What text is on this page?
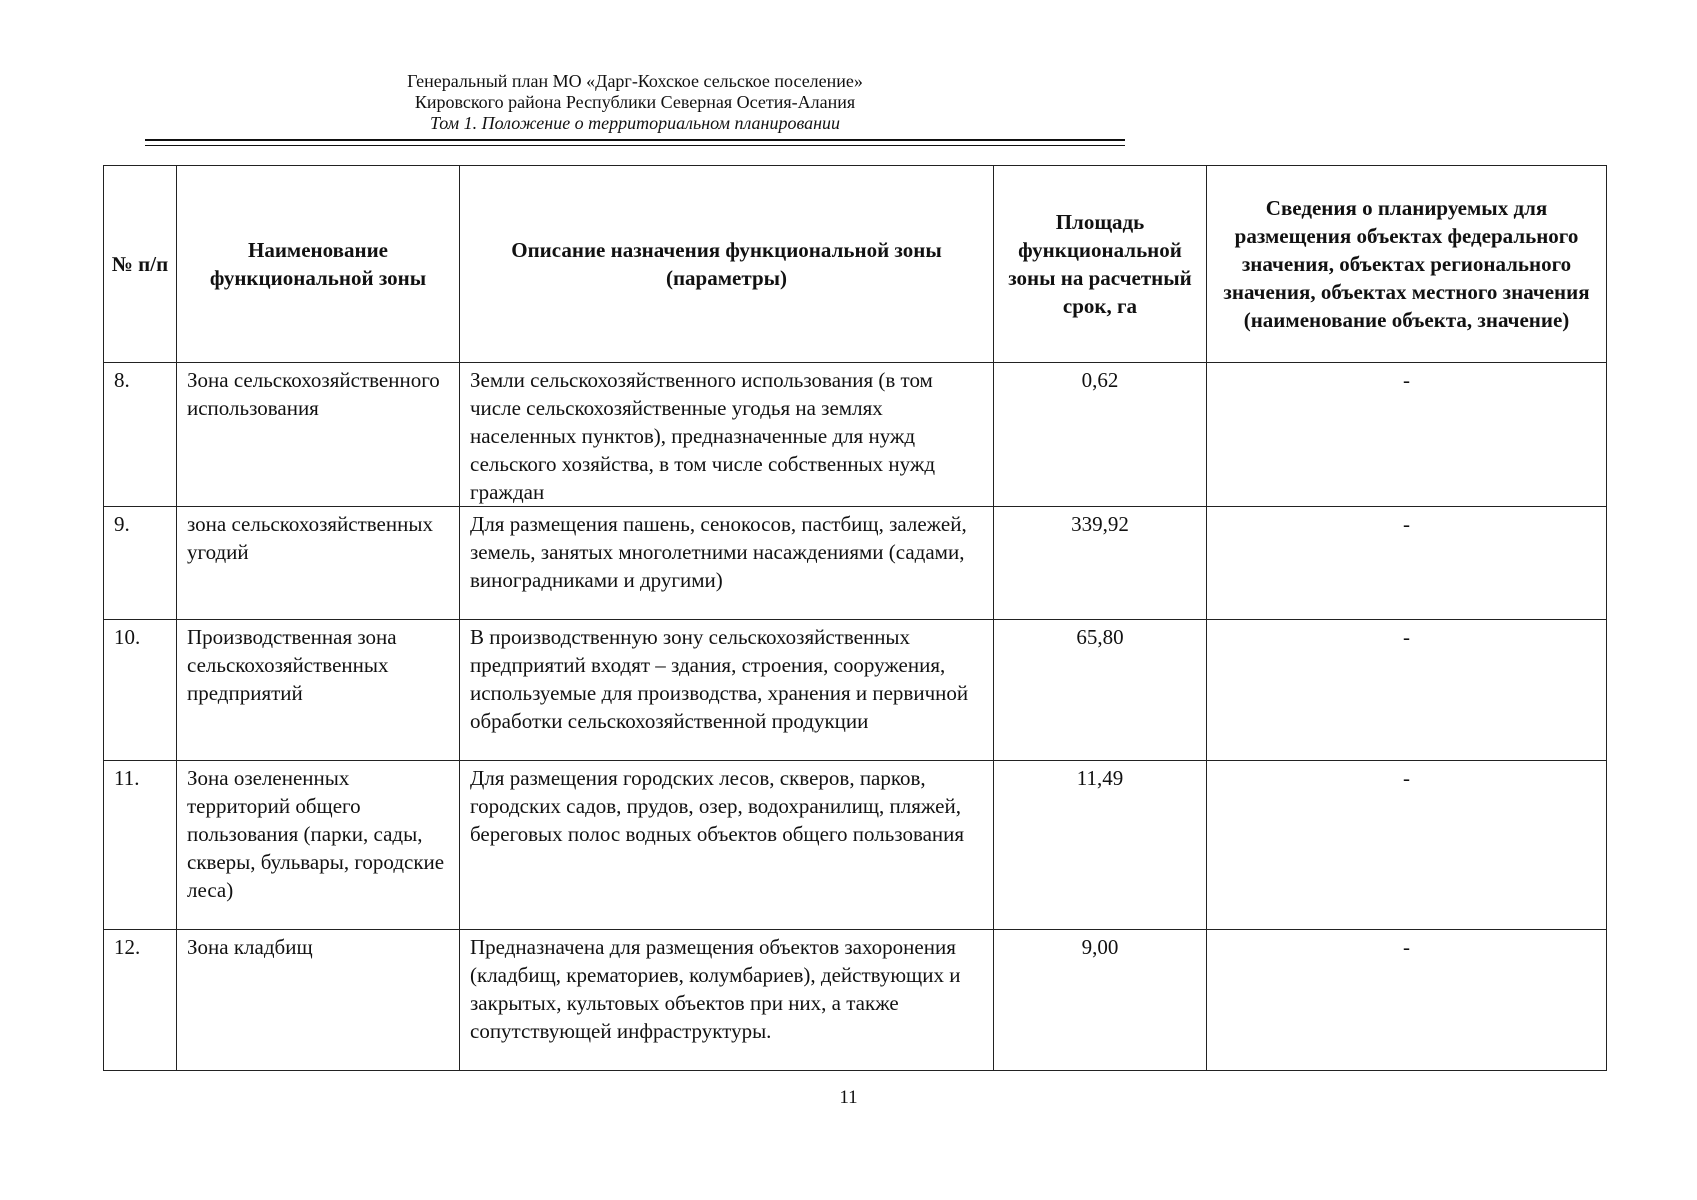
Генеральный план МО «Дарг-Кохское сельское поселение»
Кировского района Республики Северная Осетия-Алания
Том 1. Положение о территориальном планировании
№ п/п	Наименование функциональной зоны	Описание назначения функциональной зоны (параметры)	Площадь функциональной зоны на расчетный срок, га	Сведения о планируемых для размещения объектах федерального значения, объектах регионального значения, объектах местного значения (наименование объекта, значение)
8.	Зона сельскохозяйственного использования	Земли сельскохозяйственного использования (в том числе сельскохозяйственные угодья на землях населенных пунктов), предназначенные для нужд сельского хозяйства, в том числе собственных нужд граждан	0,62	-
9.	зона сельскохозяйственных угодий	Для размещения пашень, сенокосов, пастбищ, залежей, земель, занятых многолетними насаждениями (садами, виноградниками и другими)	339,92	-
10.	Производственная зона сельскохозяйственных предприятий	В производственную зону сельскохозяйственных предприятий входят – здания, строения, сооружения, используемые для производства, хранения и первичной обработки сельскохозяйственной продукции	65,80	-
11.	Зона озелененных территорий общего пользования (парки, сады, скверы, бульвары, городские леса)	Для размещения городских лесов, скверов, парков, городских садов, прудов, озер, водохранилищ, пляжей, береговых полос водных объектов общего пользования	11,49	-
12.	Зона кладбищ	Предназначена для размещения объектов захоронения (кладбищ, крематориев, колумбариев), действующих и закрытых, культовых объектов при них, а также сопутствующей инфраструктуры.	9,00	-
11
